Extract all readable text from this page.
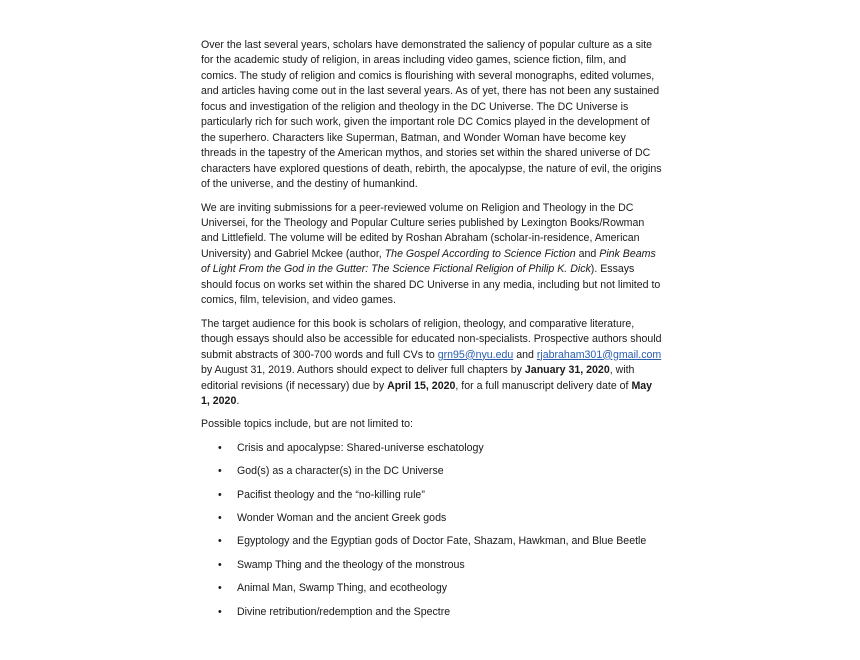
Over the last several years, scholars have demonstrated the saliency of popular culture as a site for the academic study of religion, in areas including video games, science fiction, film, and comics. The study of religion and comics is flourishing with several monographs, edited volumes, and articles having come out in the last several years. As of yet, there has not been any sustained focus and investigation of the religion and theology in the DC Universe. The DC Universe is particularly rich for such work, given the important role DC Comics played in the development of the superhero. Characters like Superman, Batman, and Wonder Woman have become key threads in the tapestry of the American mythos, and stories set within the shared universe of DC characters have explored questions of death, rebirth, the apocalypse, the nature of evil, the origins of the universe, and the destiny of humankind.

We are inviting submissions for a peer-reviewed volume on Religion and Theology in the DC Universei, for the Theology and Popular Culture series published by Lexington Books/Rowman and Littlefield. The volume will be edited by Roshan Abraham (scholar-in-residence, American University) and Gabriel Mckee (author, The Gospel According to Science Fiction and Pink Beams of Light From the God in the Gutter: The Science Fictional Religion of Philip K. Dick). Essays should focus on works set within the shared DC Universe in any media, including but not limited to comics, film, television, and video games.

The target audience for this book is scholars of religion, theology, and comparative literature, though essays should also be accessible for educated non-specialists. Prospective authors should submit abstracts of 300-700 words and full CVs to grn95@nyu.edu and rjabraham301@gmail.com by August 31, 2019. Authors should expect to deliver full chapters by January 31, 2020, with editorial revisions (if necessary) due by April 15, 2020, for a full manuscript delivery date of May 1, 2020.

Possible topics include, but are not limited to:

• Crisis and apocalypse: Shared-universe eschatology
• God(s) as a character(s) in the DC Universe
• Pacifist theology and the “no-killing rule”
• Wonder Woman and the ancient Greek gods
• Egyptology and the Egyptian gods of Doctor Fate, Shazam, Hawkman, and Blue Beetle
• Swamp Thing and the theology of the monstrous
• Animal Man, Swamp Thing, and ecotheology
• Divine retribution/redemption and the Spectre
